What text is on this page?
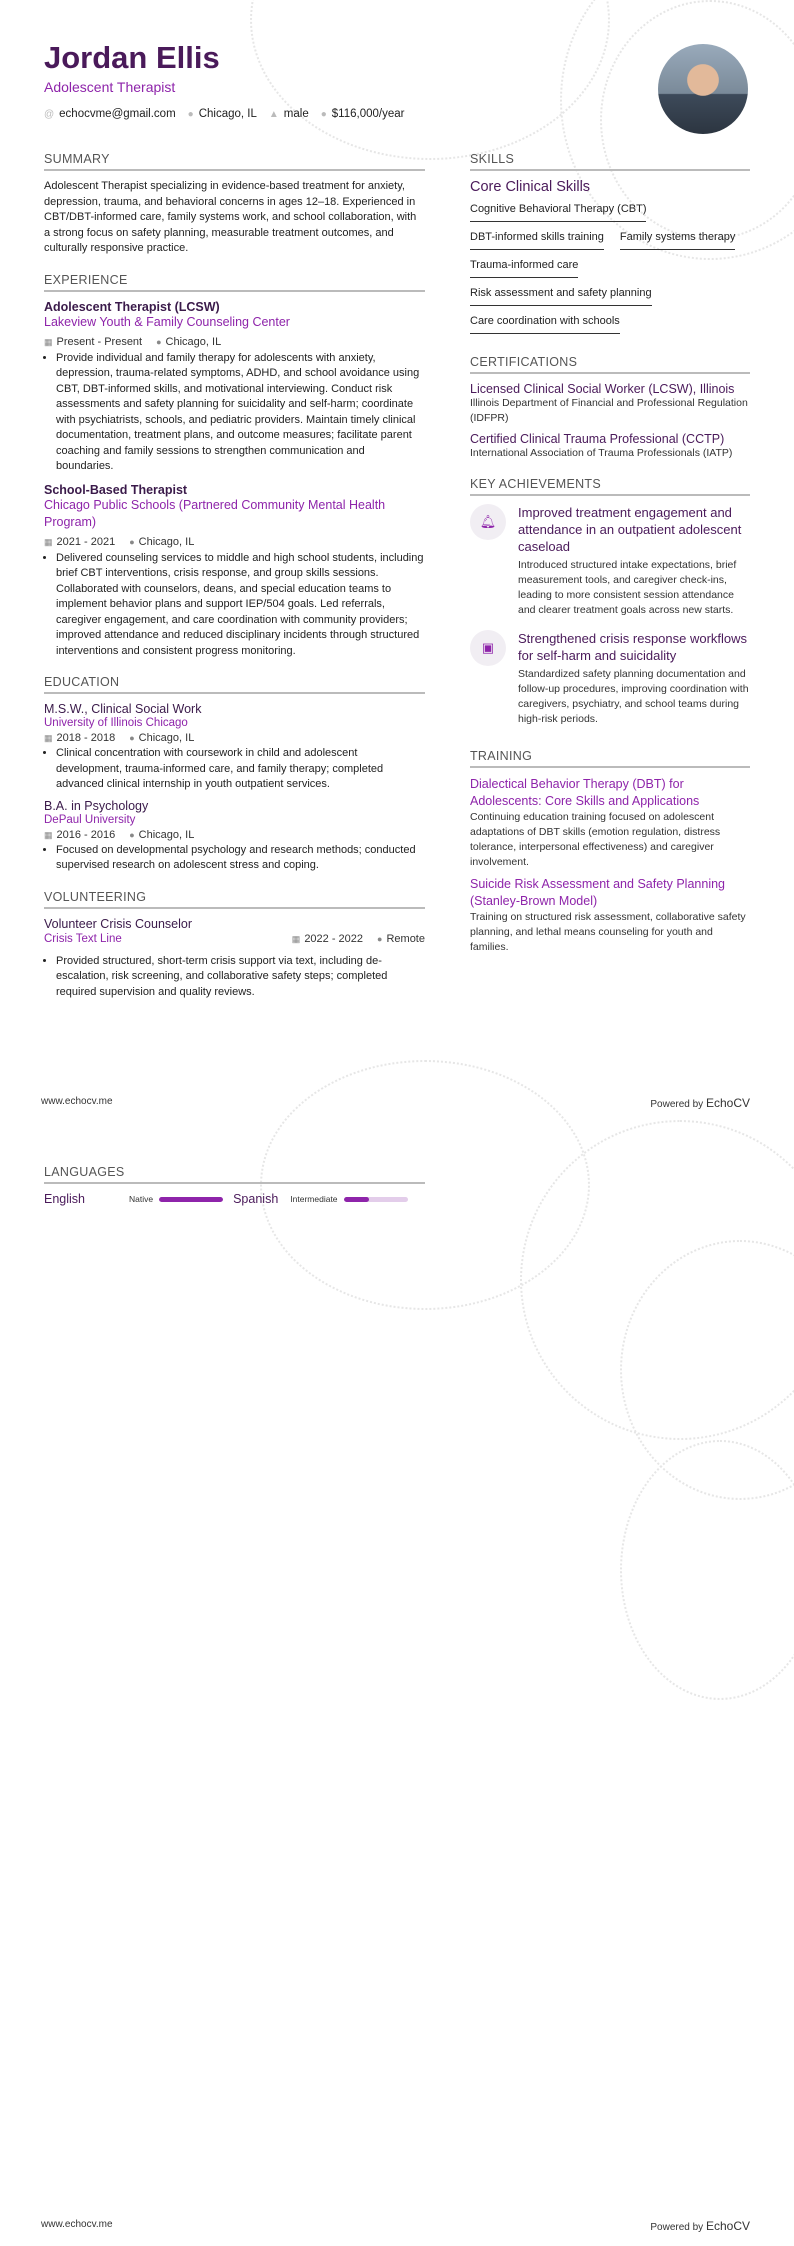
Jordan Ellis
Adolescent Therapist
@ echocvme@gmail.com ● Chicago, IL ▲ male ● $116,000/year
SUMMARY
Adolescent Therapist specializing in evidence-based treatment for anxiety, depression, trauma, and behavioral concerns in ages 12–18. Experienced in CBT/DBT-informed care, family systems work, and school collaboration, with a strong focus on safety planning, measurable treatment outcomes, and culturally responsive practice.
EXPERIENCE
Adolescent Therapist (LCSW)
Lakeview Youth & Family Counseling Center
▦ Present - Present ● Chicago, IL
• Provide individual and family therapy for adolescents with anxiety, depression, trauma-related symptoms, ADHD, and school avoidance using CBT, DBT-informed skills, and motivational interviewing. Conduct risk assessments and safety planning for suicidality and self-harm; coordinate with psychiatrists, schools, and pediatric providers. Maintain timely clinical documentation, treatment plans, and outcome measures; facilitate parent coaching and family sessions to strengthen communication and boundaries.
School-Based Therapist
Chicago Public Schools (Partnered Community Mental Health Program)
▦ 2021 - 2021 ● Chicago, IL
• Delivered counseling services to middle and high school students, including brief CBT interventions, crisis response, and group skills sessions. Collaborated with counselors, deans, and special education teams to implement behavior plans and support IEP/504 goals. Led referrals, caregiver engagement, and care coordination with community providers; improved attendance and reduced disciplinary incidents through structured interventions and consistent progress monitoring.
EDUCATION
M.S.W., Clinical Social Work
University of Illinois Chicago
▦ 2018 - 2018 ● Chicago, IL
• Clinical concentration with coursework in child and adolescent development, trauma-informed care, and family therapy; completed advanced clinical internship in youth outpatient services.
B.A. in Psychology
DePaul University
▦ 2016 - 2016 ● Chicago, IL
• Focused on developmental psychology and research methods; conducted supervised research on adolescent stress and coping.
VOLUNTEERING
Volunteer Crisis Counselor
Crisis Text Line	▦ 2022 - 2022 ● Remote
• Provided structured, short-term crisis support via text, including de-escalation, risk screening, and collaborative safety steps; completed required supervision and quality reviews.
SKILLS
Core Clinical Skills
Cognitive Behavioral Therapy (CBT)
DBT-informed skills training Family systems therapy
Trauma-informed care
Risk assessment and safety planning
Care coordination with schools
CERTIFICATIONS
Licensed Clinical Social Worker (LCSW), Illinois
Illinois Department of Financial and Professional Regulation (IDFPR)
Certified Clinical Trauma Professional (CCTP)
International Association of Trauma Professionals (IATP)
KEY ACHIEVEMENTS
🔔︎
Improved treatment engagement and attendance in an outpatient adolescent caseload
Introduced structured intake expectations, brief measurement tools, and caregiver check-ins, leading to more consistent session attendance and clearer treatment goals across new starts.
▣
Strengthened crisis response workflows for self-harm and suicidality
Standardized safety planning documentation and follow-up procedures, improving coordination with caregivers, psychiatry, and school teams during high-risk periods.
TRAINING
Dialectical Behavior Therapy (DBT) for Adolescents: Core Skills and Applications
Continuing education training focused on adolescent adaptations of DBT skills (emotion regulation, distress tolerance, interpersonal effectiveness) and caregiver involvement.
Suicide Risk Assessment and Safety Planning (Stanley-Brown Model)
Training on structured risk assessment, collaborative safety planning, and lethal means counseling for youth and families.
www.echocv.me	Powered by EchoCV
LANGUAGES
English	Native	Spanish Intermediate
www.echocv.me	Powered by EchoCV
